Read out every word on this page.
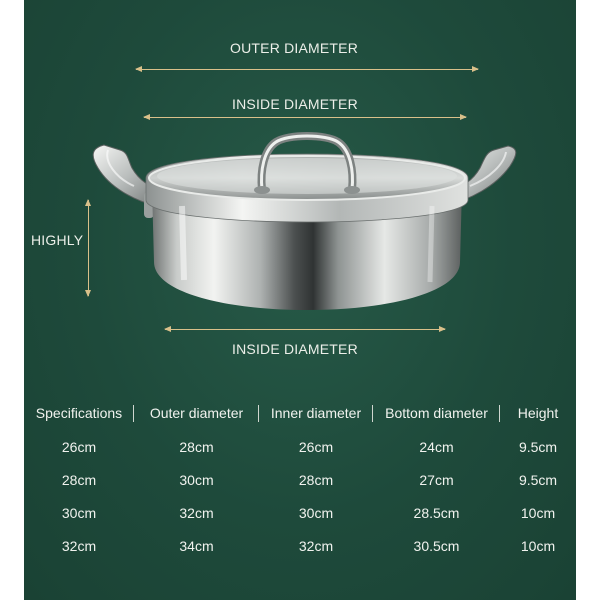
OUTER DIAMETER
INSIDE DIAMETER
HIGHLY
INSIDE DIAMETER
Specifications	Outer diameter	Inner diameter	Bottom diameter	Height
26cm	28cm	26cm	24cm	9.5cm
28cm	30cm	28cm	27cm	9.5cm
30cm	32cm	30cm	28.5cm	10cm
32cm	34cm	32cm	30.5cm	10cm
